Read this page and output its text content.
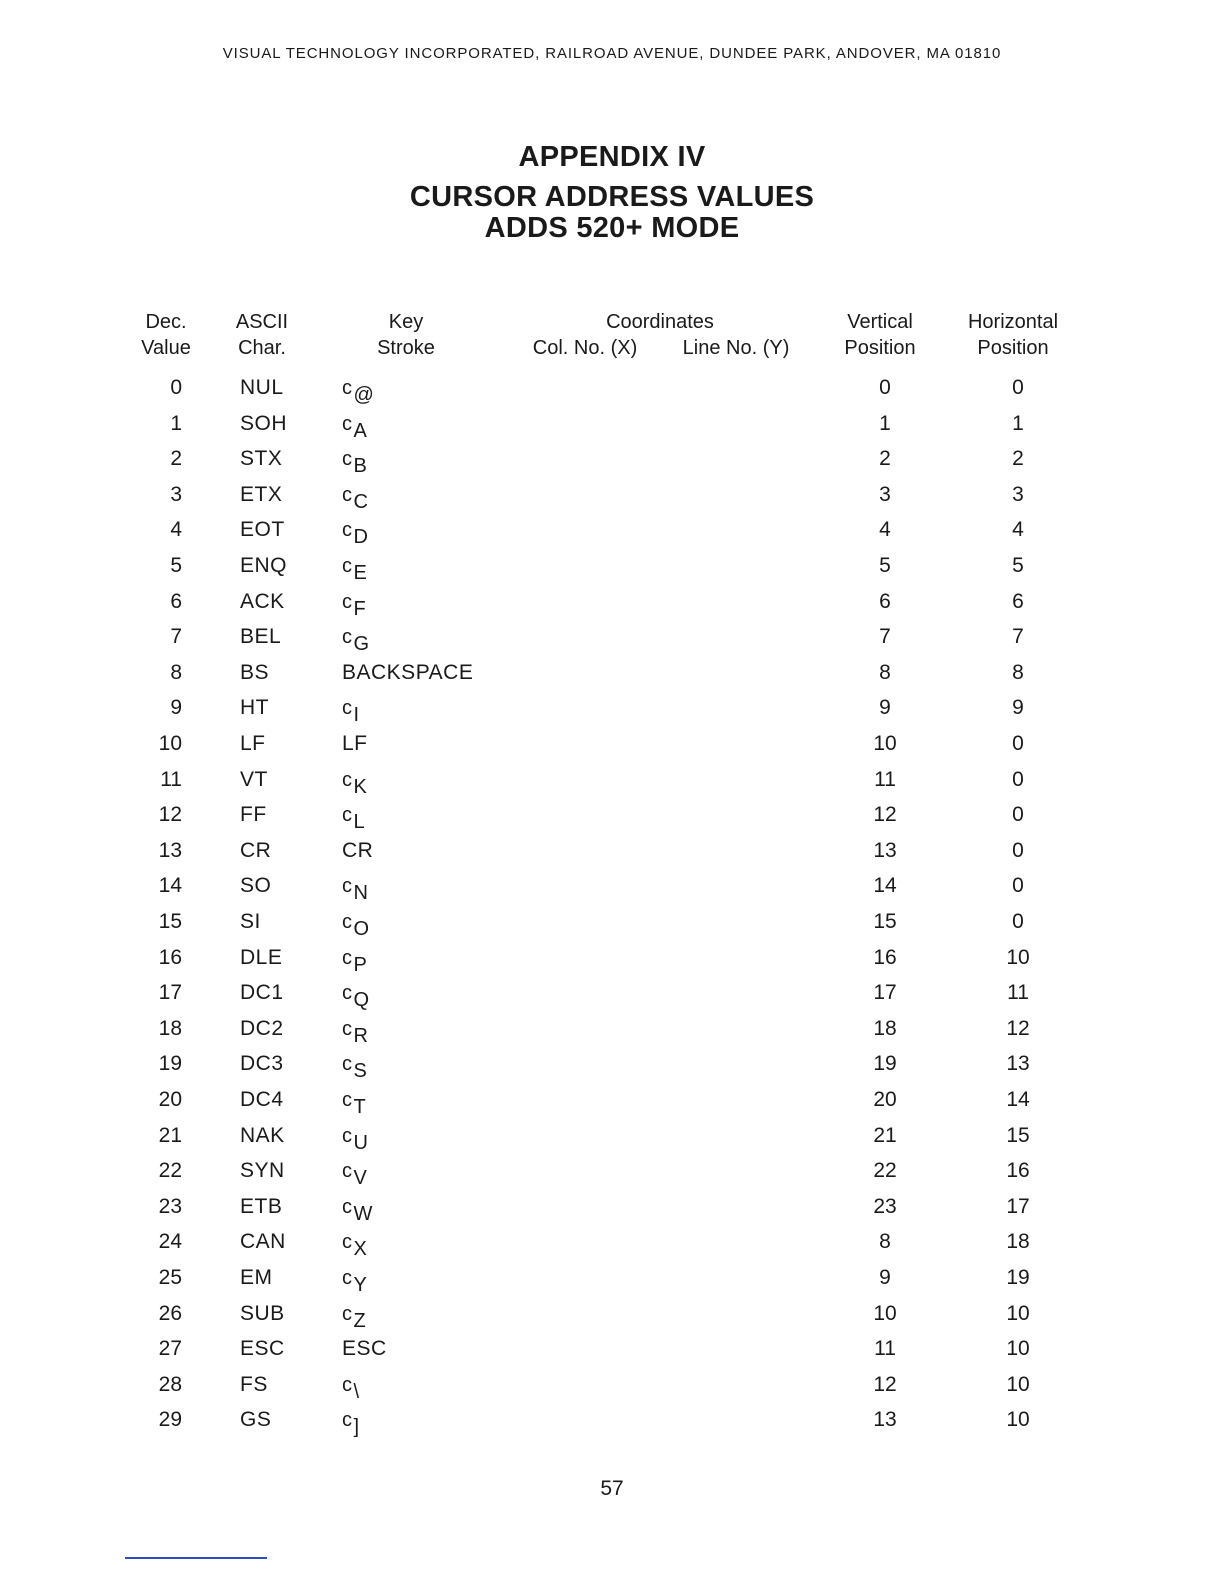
VISUAL TECHNOLOGY INCORPORATED, RAILROAD AVENUE, DUNDEE PARK, ANDOVER, MA 01810
APPENDIX IV
CURSOR ADDRESS VALUES
ADDS 520+ MODE
Dec.
Value
ASCII
Char.
Key
Stroke
Coordinates
Col. No. (X)	Line No. (Y)
Vertical
Position
Horizontal
Position
0	NUL	c@	0	0
1	SOH	cA	1	1
2	STX	cB	2	2
3	ETX	cC	3	3
4	EOT	cD	4	4
5	ENQ	cE	5	5
6	ACK	cF	6	6
7	BEL	cG	7	7
8	BS	BACKSPACE	8	8
9	HT	cI	9	9
10	LF	LF	10	0
11	VT	cK	11	0
12	FF	cL	12	0
13	CR	CR	13	0
14	SO	cN	14	0
15	SI	cO	15	0
16	DLE	cP	16	10
17	DC1	cQ	17	11
18	DC2	cR	18	12
19	DC3	cS	19	13
20	DC4	cT	20	14
21	NAK	cU	21	15
22	SYN	cV	22	16
23	ETB	cW	23	17
24	CAN	cX	8	18
25	EM	cY	9	19
26	SUB	cZ	10	10
27	ESC	ESC	11	10
28	FS	c\	12	10
29	GS	c]	13	10
57
